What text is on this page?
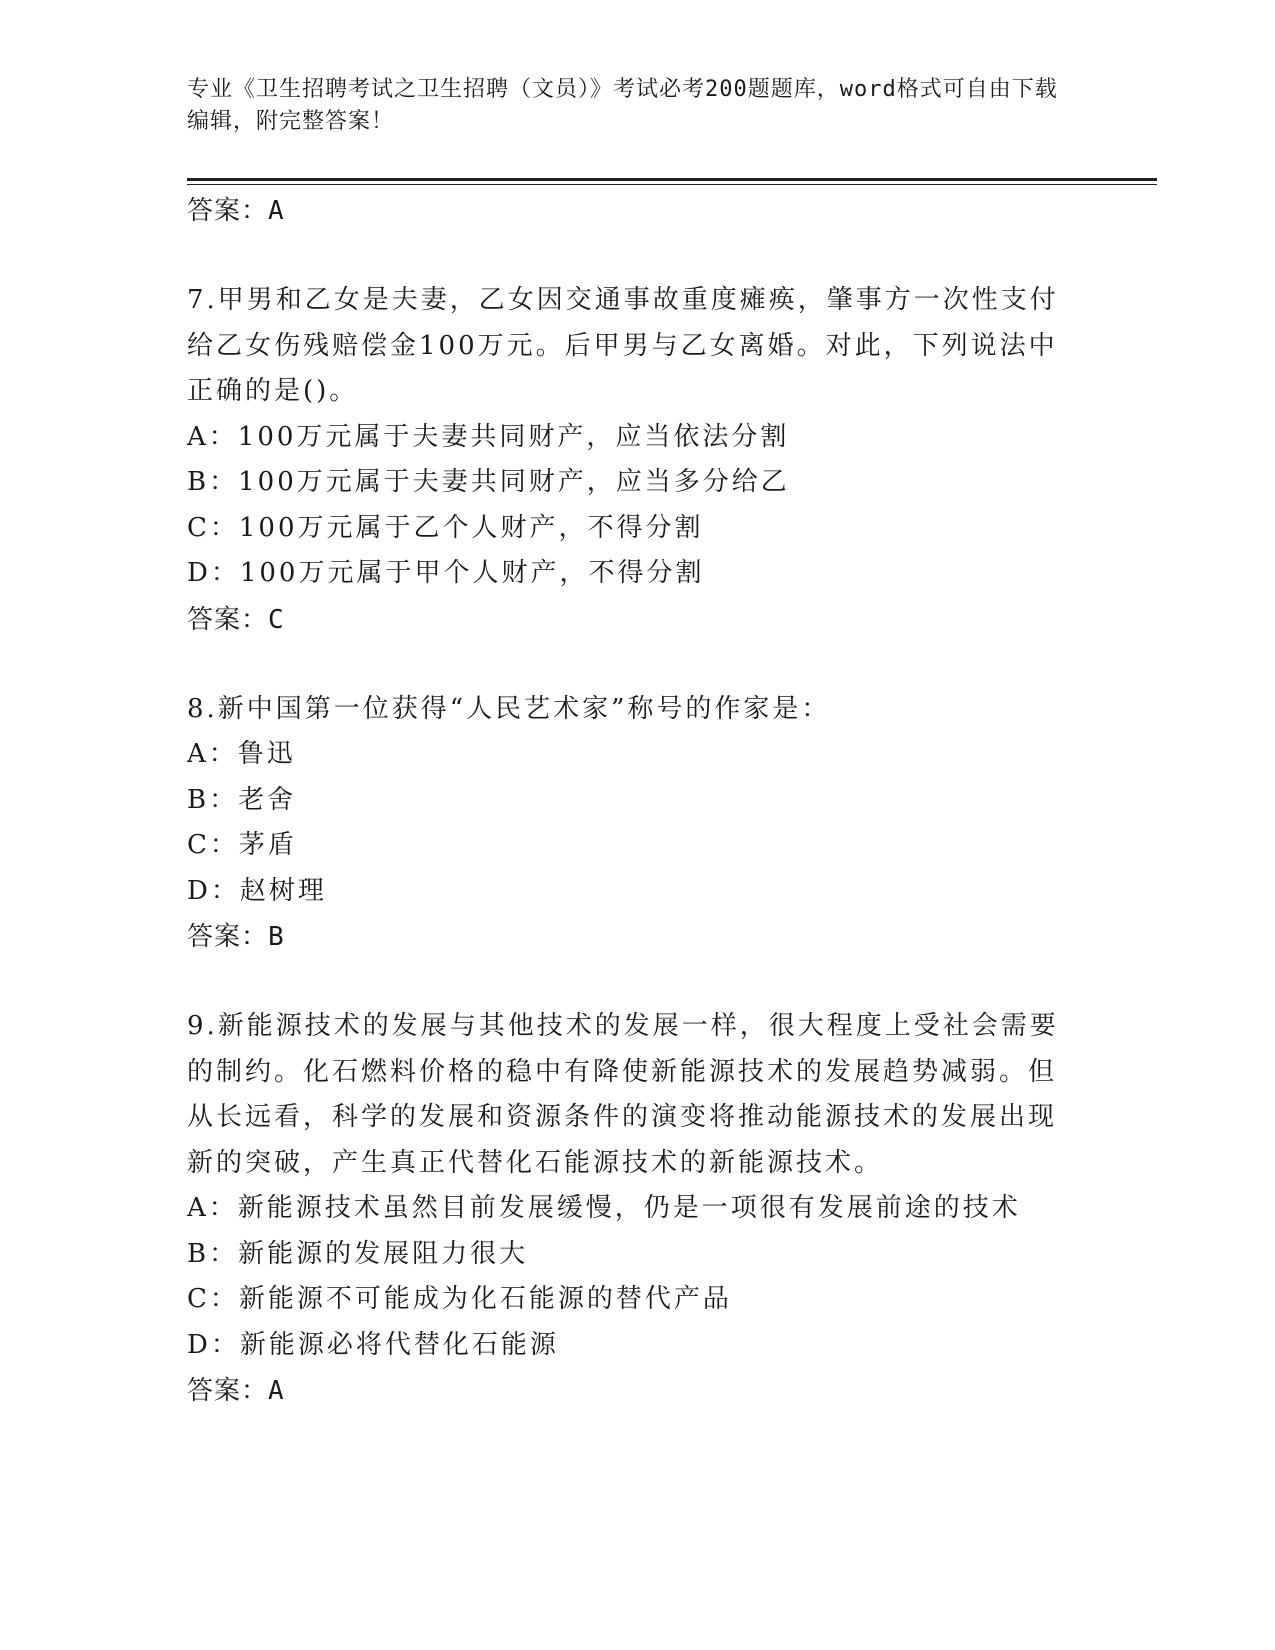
专业《卫生招聘考试之卫生招聘（文员）》考试必考200题题库，word格式可自由下载编辑，附完整答案！
答案：A
7.甲男和乙女是夫妻，乙女因交通事故重度瘫痪，肇事方一次性支付给乙女伤残赔偿金100万元。后甲男与乙女离婚。对此，下列说法中正确的是()。
A：100万元属于夫妻共同财产，应当依法分割
B：100万元属于夫妻共同财产，应当多分给乙
C：100万元属于乙个人财产，不得分割
D：100万元属于甲个人财产，不得分割
答案：C
8.新中国第一位获得“人民艺术家”称号的作家是：
A：鲁迅
B：老舍
C：茅盾
D：赵树理
答案：B
9.新能源技术的发展与其他技术的发展一样，很大程度上受社会需要的制约。化石燃料价格的稳中有降使新能源技术的发展趋势减弱。但从长远看，科学的发展和资源条件的演变将推动能源技术的发展出现新的突破，产生真正代替化石能源技术的新能源技术。
A：新能源技术虽然目前发展缓慢，仍是一项很有发展前途的技术
B：新能源的发展阻力很大
C：新能源不可能成为化石能源的替代产品
D：新能源必将代替化石能源
答案：A
